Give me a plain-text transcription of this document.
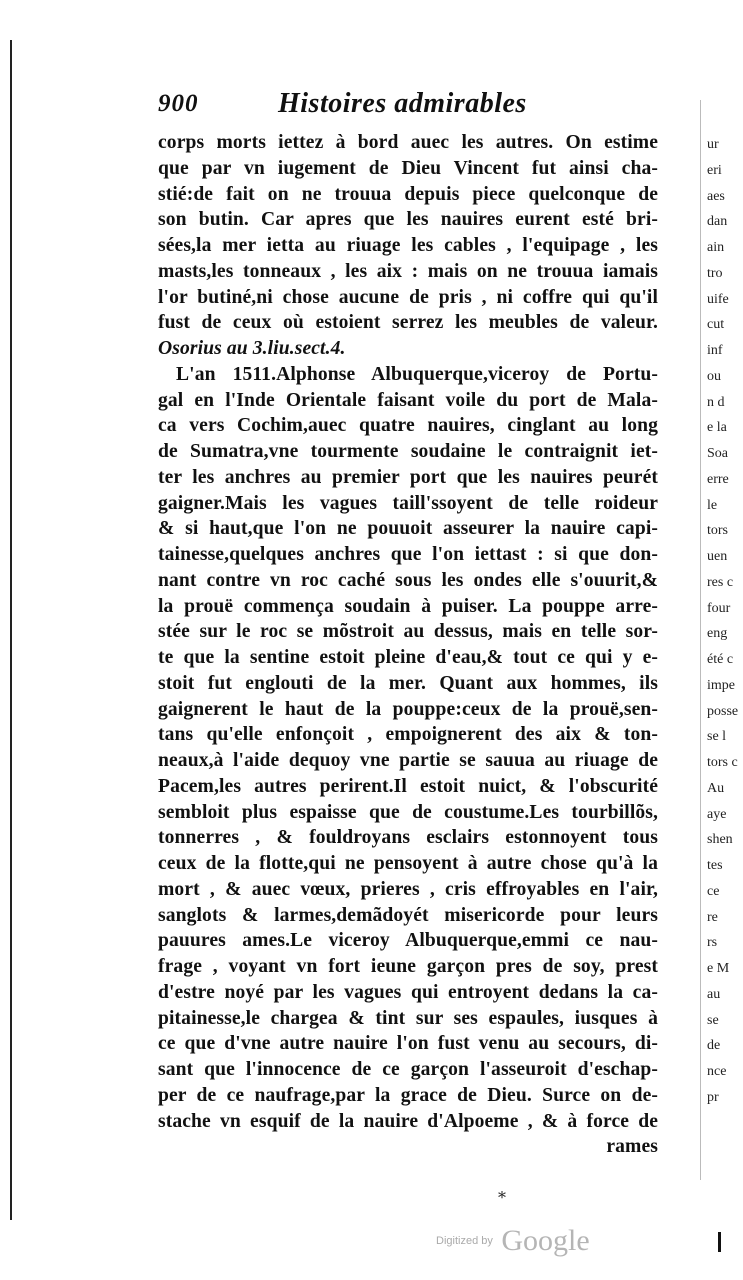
900	Histoires admirables
corps morts iettez à bord auec les autres. On estime
que par vn iugement de Dieu Vincent fut ainsi cha-
stié:de fait on ne trouua depuis piece quelconque de
son butin. Car apres que les nauires eurent esté bri-
sées,la mer ietta au riuage les cables , l'equipage , les
masts,les tonneaux , les aix : mais on ne trouua iamais
l'or butiné,ni chose aucune de pris , ni coffre qui qu'il
fust de ceux où estoient serrez les meubles de valeur.
Osorius au 3.liu.sect.4.
L'an 1511.Alphonse Albuquerque,viceroy de Portu-
gal en l'Inde Orientale faisant voile du port de Mala-
ca vers Cochim,auec quatre nauires, cinglant au long
de Sumatra,vne tourmente soudaine le contraignit iet-
ter les anchres au premier port que les nauires peurét
gaigner.Mais les vagues taill'ssoyent de telle roideur
& si haut,que l'on ne pouuoit asseurer la nauire capi-
tainesse,quelques anchres que l'on iettast : si que don-
nant contre vn roc caché sous les ondes elle s'ouurit,&
la prouë commença soudain à puiser. La pouppe arre-
stée sur le roc se mõstroit au dessus, mais en telle sor-
te que la sentine estoit pleine d'eau,& tout ce qui y e-
stoit fut englouti de la mer. Quant aux hommes, ils
gaignerent le haut de la pouppe:ceux de la prouë,sen-
tans qu'elle enfonçoit , empoignerent des aix & ton-
neaux,à l'aide dequoy vne partie se sauua au riuage de
Pacem,les autres perirent.Il estoit nuict, & l'obscurité
sembloit plus espaisse que de coustume.Les tourbillõs,
tonnerres , & fouldroyans esclairs estonnoyent tous
ceux de la flotte,qui ne pensoyent à autre chose qu'à la
mort , & auec vœux, prieres , cris effroyables en l'air,
sanglots & larmes,demãdoyét misericorde pour leurs
pauures ames.Le viceroy Albuquerque,emmi ce nau-
frage , voyant vn fort ieune garçon pres de soy, prest
d'estre noyé par les vagues qui entroyent dedans la ca-
pitainesse,le chargea & tint sur ses espaules, iusques à
ce que d'vne autre nauire l'on fust venu au secours, di-
sant que l'innocence de ce garçon l'asseuroit d'eschap-
per de ce naufrage,par la grace de Dieu. Surce on de-
stache vn esquif de la nauire d'Alpoeme , & à force de
rames
ur
eri
aes
dan
ain
tro
uife
cut
inf
ou
n d
e la
Soa
erre
le
tors
uen
res c
four
eng
été c
impe
posse
se l
tors c
Au
aye
shen
tes
ce
re
rs
e M
au
se
de
nce
pr
*
Digitized by Google
